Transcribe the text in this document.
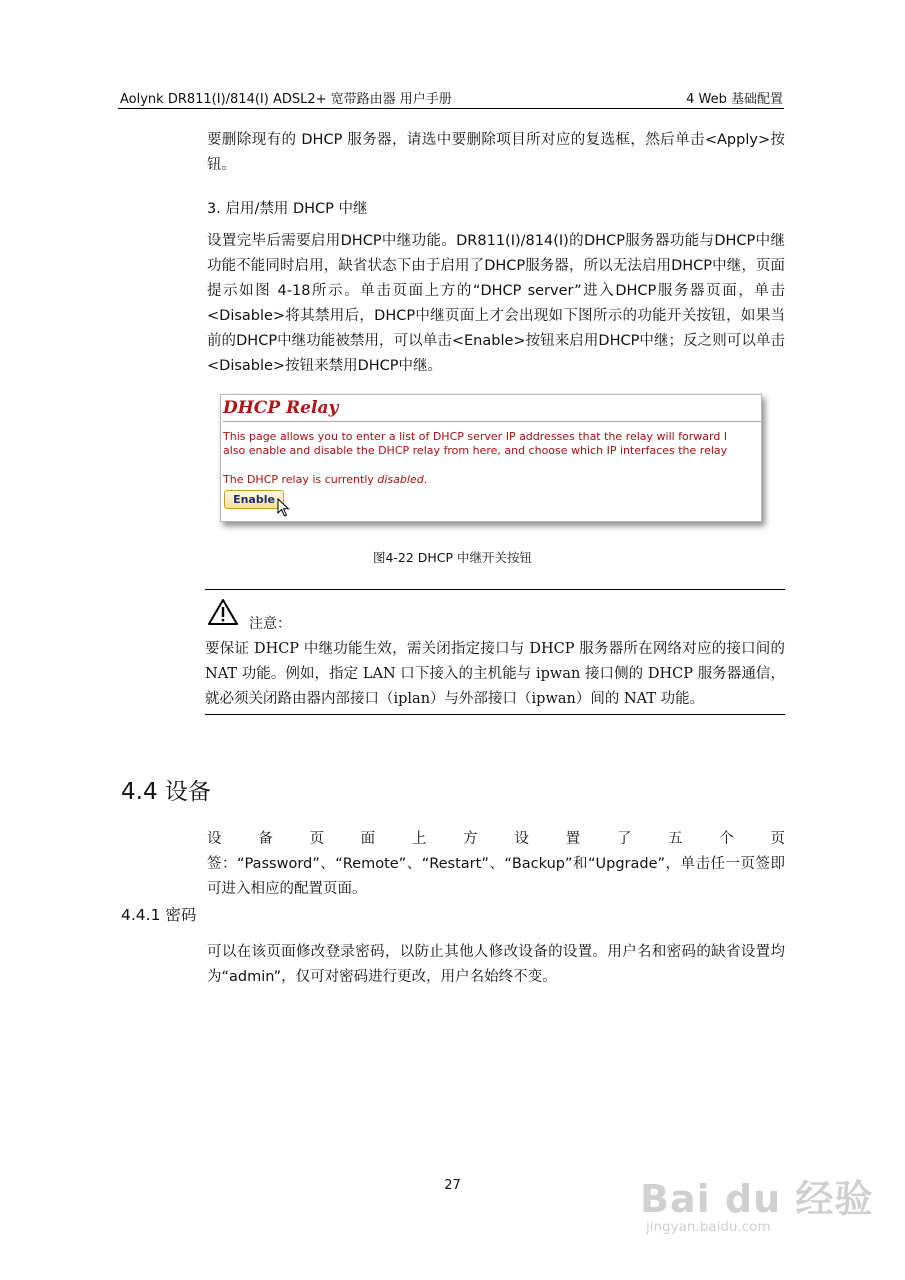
Aolynk DR811(I)/814(I) ADSL2+ 宽带路由器 用户手册	4 Web 基础配置
要删除现有的 DHCP 服务器，请选中要删除项目所对应的复选框，然后单击<Apply>按钮。
3. 启用/禁用 DHCP 中继
设置完毕后需要启用DHCP中继功能。DR811(I)/814(I)的DHCP服务器功能与DHCP中继功能不能同时启用，缺省状态下由于启用了DHCP服务器，所以无法启用DHCP中继，页面提示如图 4-18所示。单击页面上方的“DHCP server”进入DHCP服务器页面，单击<Disable>将其禁用后，DHCP中继页面上才会出现如下图所示的功能开关按钮，如果当前的DHCP中继功能被禁用，可以单击<Enable>按钮来启用DHCP中继；反之则可以单击<Disable>按钮来禁用DHCP中继。
DHCP Relay
This page allows you to enter a list of DHCP server IP addresses that the relay will forward I
also enable and disable the DHCP relay from here, and choose which IP interfaces the relay
The DHCP relay is currently disabled.
Enable
图4-22 DHCP 中继开关按钮
注意：
要保证 DHCP 中继功能生效，需关闭指定接口与 DHCP 服务器所在网络对应的接口间的 NAT 功能。例如，指定 LAN 口下接入的主机能与 ipwan 接口侧的 DHCP 服务器通信，就必须关闭路由器内部接口（iplan）与外部接口（ipwan）间的 NAT 功能。
4.4 设备
设备页面上方设置了五个页签：“Password”、“Remote”、“Restart”、“Backup”和“Upgrade”，单击任一页签即可进入相应的配置页面。
4.4.1 密码
可以在该页面修改登录密码，以防止其他人修改设备的设置。用户名和密码的缺省设置均为“admin”，仅可对密码进行更改，用户名始终不变。
27	Bai du 经验
jingyan.baidu.com
